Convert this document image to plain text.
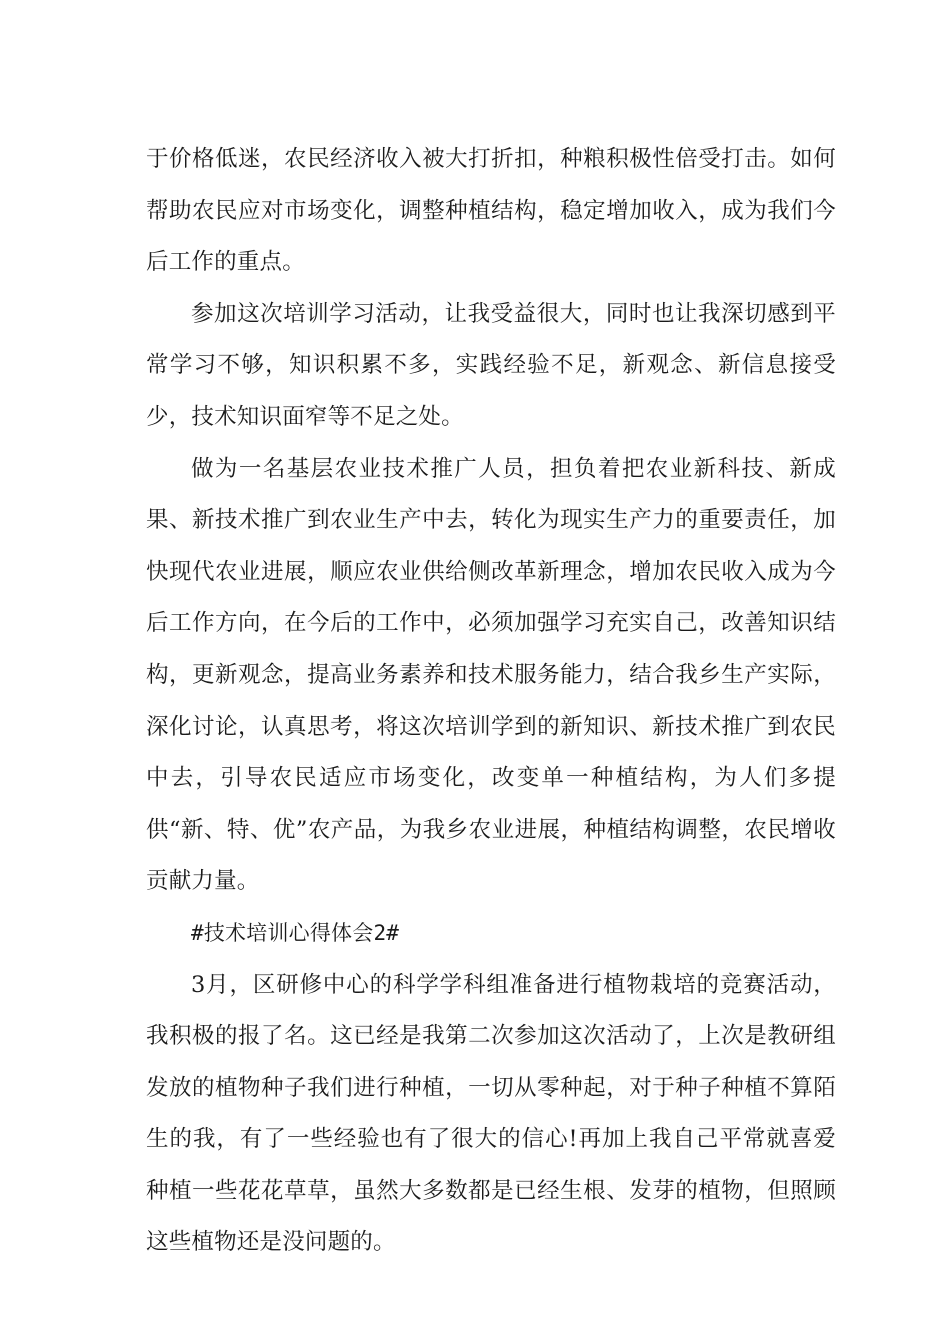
于价格低迷，农民经济收入被大打折扣，种粮积极性倍受打击。如何帮助农民应对市场变化，调整种植结构，稳定增加收入，成为我们今后工作的重点。

参加这次培训学习活动，让我受益很大，同时也让我深切感到平常学习不够，知识积累不多，实践经验不足，新观念、新信息接受少，技术知识面窄等不足之处。

做为一名基层农业技术推广人员，担负着把农业新科技、新成果、新技术推广到农业生产中去，转化为现实生产力的重要责任，加快现代农业进展，顺应农业供给侧改革新理念，增加农民收入成为今后工作方向，在今后的工作中，必须加强学习充实自己，改善知识结构，更新观念，提高业务素养和技术服务能力，结合我乡生产实际，深化讨论，认真思考，将这次培训学到的新知识、新技术推广到农民中去，引导农民适应市场变化，改变单一种植结构，为人们多提供“新、特、优”农产品，为我乡农业进展，种植结构调整，农民增收贡献力量。

#技术培训心得体会2#

3月，区研修中心的科学学科组准备进行植物栽培的竞赛活动，我积极的报了名。这已经是我第二次参加这次活动了，上次是教研组发放的植物种子我们进行种植，一切从零种起，对于种子种植不算陌生的我，有了一些经验也有了很大的信心!再加上我自己平常就喜爱种植一些花花草草，虽然大多数都是已经生根、发芽的植物，但照顾这些植物还是没问题的。
